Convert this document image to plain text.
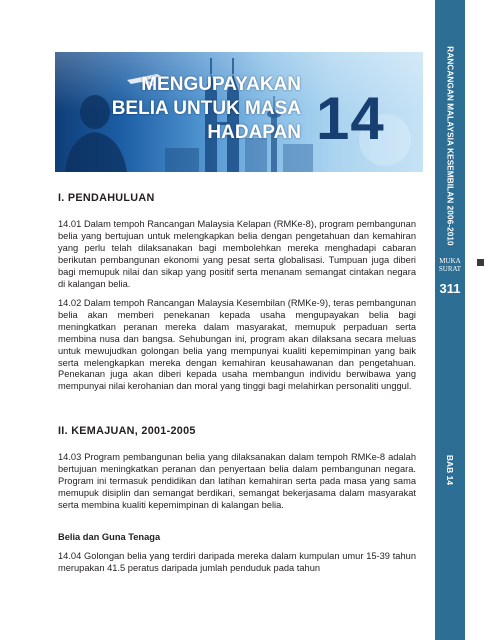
MENGUPAYAKAN
BELIA UNTUK MASA
HADAPAN 14	RANCANGAN MALAYSIA KESEMBILAN 2006-2010
MUKA
SURAT
311
BAB 14
I. PENDAHULUAN

14.01 Dalam tempoh Rancangan Malaysia Kelapan (RMKe-8), program pembangunan belia yang bertujuan untuk melengkapkan belia dengan pengetahuan dan kemahiran yang perlu telah dilaksanakan bagi membolehkan mereka menghadapi cabaran berikutan pembangunan ekonomi yang pesat serta globalisasi. Tumpuan juga diberi bagi memupuk nilai dan sikap yang positif serta menanam semangat cintakan negara di kalangan belia.

14.02 Dalam tempoh Rancangan Malaysia Kesembilan (RMKe-9), teras pembangunan belia akan memberi penekanan kepada usaha mengupayakan belia bagi meningkatkan peranan mereka dalam masyarakat, memupuk perpaduan serta membina nusa dan bangsa. Sehubungan ini, program akan dilaksana secara meluas untuk mewujudkan golongan belia yang mempunyai kualiti kepemimpinan yang baik serta melengkapkan mereka dengan kemahiran keusahawanan dan pengetahuan. Penekanan juga akan diberi kepada usaha membangun individu berwibawa yang mempunyai nilai kerohanian dan moral yang tinggi bagi melahirkan personaliti unggul.

II. KEMAJUAN, 2001-2005

14.03 Program pembangunan belia yang dilaksanakan dalam tempoh RMKe-8 adalah bertujuan meningkatkan peranan dan penyertaan belia dalam pembangunan negara. Program ini termasuk pendidikan dan latihan kemahiran serta pada masa yang sama memupuk disiplin dan semangat berdikari, semangat bekerjasama dalam masyarakat serta membina kualiti kepemimpinan di kalangan belia.

Belia dan Guna Tenaga

14.04 Golongan belia yang terdiri daripada mereka dalam kumpulan umur 15-39 tahun merupakan 41.5 peratus daripada jumlah penduduk pada tahun
